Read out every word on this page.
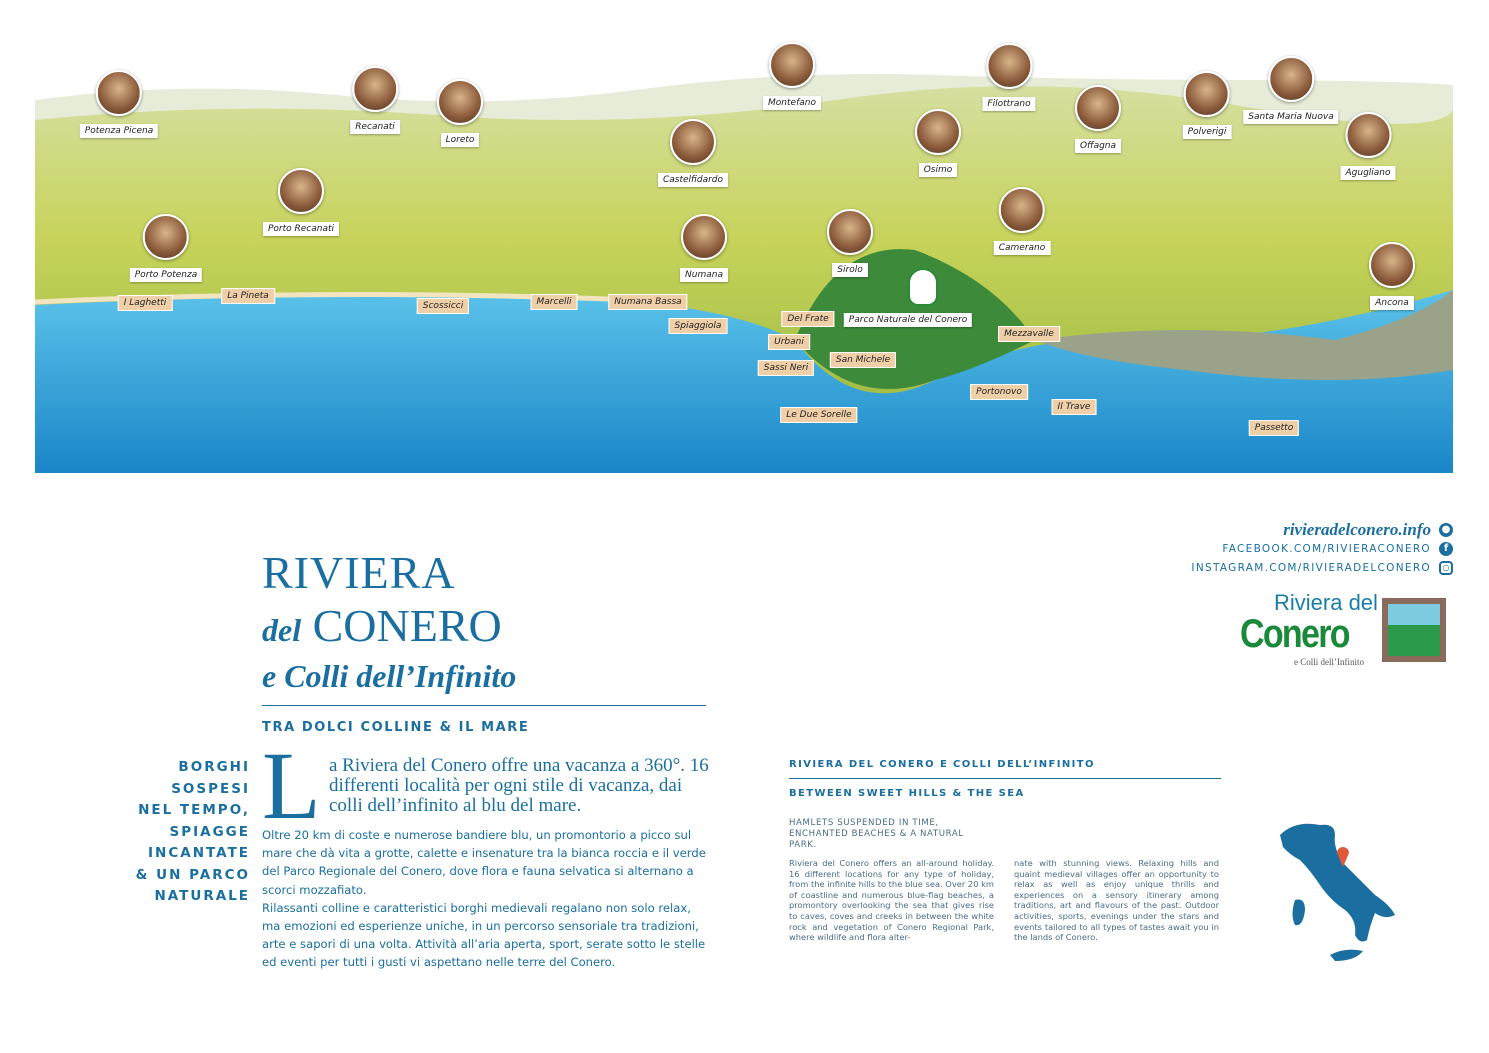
Potenza Picena	Recanati
Loreto
Castelfidardo
Montefano
Osimo
Filottrano
Offagna
Polverigi
Santa Maria Nuova
Agugliano
Porto Recanati
Porto Potenza	Numana	Sirolo
Camerano
Ancona
Parco Naturale del Conero
I Laghetti
La Pineta
Scossicci	Marcelli	Numana Bassa
Spiaggiola
Del Frate
Urbani
San Michele
Sassi Neri
Le Due Sorelle
Portonovo
Mezzavalle
Il Trave
Passetto
RIVIERA
del CONERO
e Colli dell’Infinito
TRA DOLCI COLLINE & IL MARE
BORGHI
SOSPESI
NEL TEMPO,
SPIAGGE
INCANTATE
& UN PARCO
NATURALE
L a Riviera del Conero offre una vacanza a 360°. 16 differenti località per ogni stile di vacanza, dai colli dell’infinito al blu del mare.

Oltre 20 km di coste e numerose bandiere blu, un promontorio a picco sul mare che dà vita a grotte, calette e insenature tra la bianca roccia e il verde del Parco Regionale del Conero, dove flora e fauna selvatica si alternano a scorci mozzafiato.

Rilassanti colline e caratteristici borghi medievali regalano non solo relax, ma emozioni ed esperienze uniche, in un percorso sensoriale tra tradizioni, arte e sapori di una volta. Attività all’aria aperta, sport, serate sotto le stelle ed eventi per tutti i gusti vi aspettano nelle terre del Conero.

RIVIERA DEL CONERO E COLLI DELL’INFINITO
BETWEEN SWEET HILLS & THE SEA
HAMLETS SUSPENDED IN TIME, ENCHANTED BEACHES & A NATURAL PARK.
Riviera del Conero offers an all-around holiday. 16 different locations for any type of holiday, from the infinite hills to the blue sea. Over 20 km of coastline and numerous blue-flag beaches, a promontory overlooking the sea that gives rise to caves, coves and creeks in between the white rock and vegetation of Conero Regional Park, where wildlife and flora alter-
nate with stunning views. Relaxing hills and quaint medieval villages offer an opportunity to relax as well as enjoy unique thrills and experiences on a sensory itinerary among traditions, art and flavours of the past. Outdoor activities, sports, evenings under the stars and events tailored to all types of tastes await you in the lands of Conero.
rivieradelconero.info ●
FACEBOOK.COM/RIVIERACONERO	f
INSTAGRAM.COM/RIVIERADELCONERO	○
Riviera del
Conero
e Colli dell’Infinito
